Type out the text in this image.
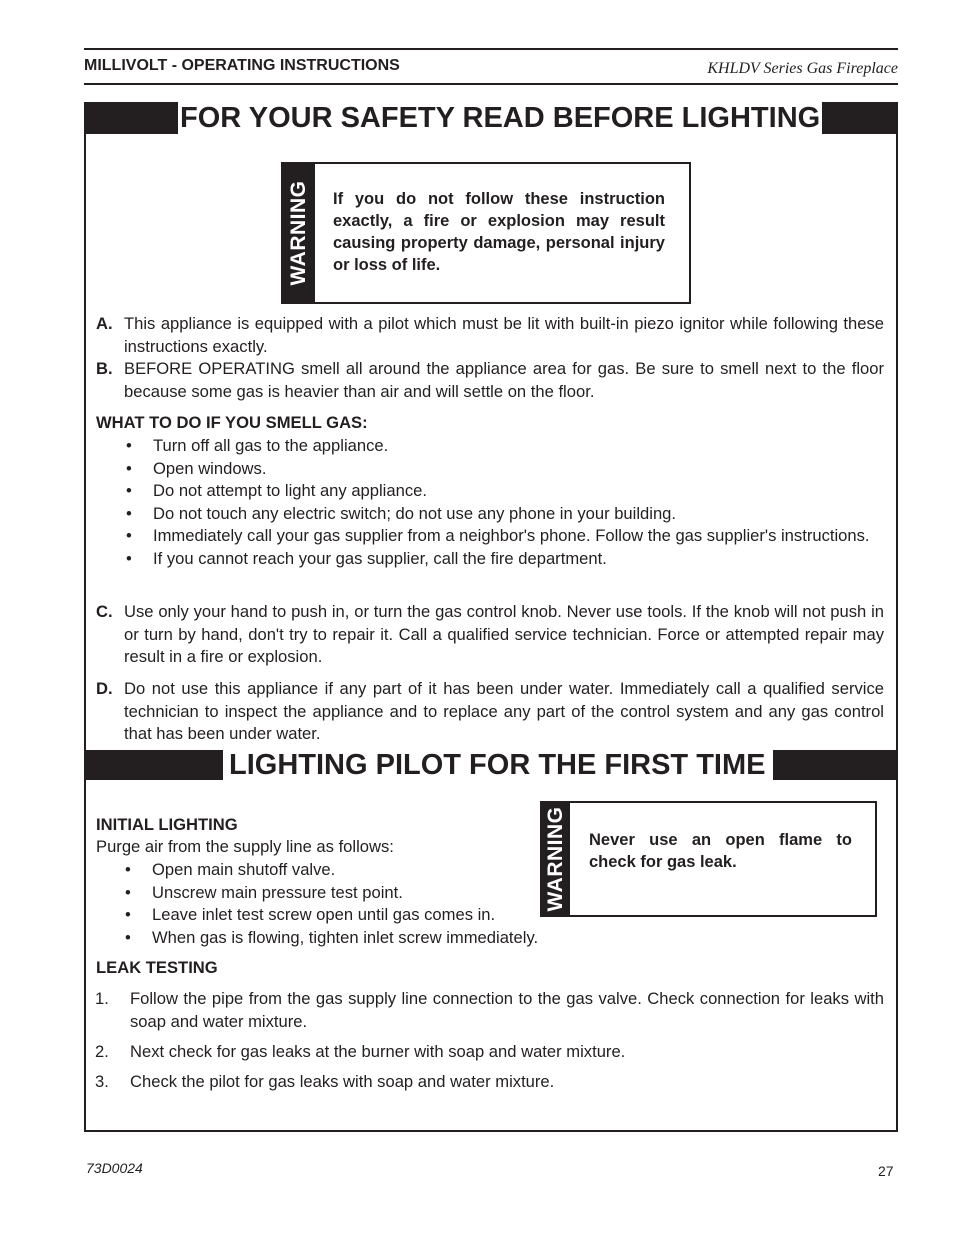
MILLIVOLT - OPERATING INSTRUCTIONS	KHLDV Series Gas Fireplace
FOR YOUR SAFETY READ BEFORE LIGHTING
WARNING If you do not follow these instruction exactly, a fire or explosion may result causing property damage, personal injury or loss of life.
A. This appliance is equipped with a pilot which must be lit with built-in piezo ignitor while following these instructions exactly.
B. BEFORE OPERATING smell all around the appliance area for gas. Be sure to smell next to the floor because some gas is heavier than air and will settle on the floor.
WHAT TO DO IF YOU SMELL GAS:
• Turn off all gas to the appliance.
• Open windows.
• Do not attempt to light any appliance.
• Do not touch any electric switch; do not use any phone in your building.
• Immediately call your gas supplier from a neighbor's phone. Follow the gas supplier's instructions.
• If you cannot reach your gas supplier, call the fire department.
C. Use only your hand to push in, or turn the gas control knob. Never use tools. If the knob will not push in or turn by hand, don't try to repair it. Call a qualified service technician. Force or attempted repair may result in a fire or explosion.
D. Do not use this appliance if any part of it has been under water. Immediately call a qualified service technician to inspect the appliance and to replace any part of the control system and any gas control that has been under water.
LIGHTING PILOT FOR THE FIRST TIME
WARNING Never use an open flame to check for gas leak.
INITIAL LIGHTING
Purge air from the supply line as follows:
• Open main shutoff valve.
• Unscrew main pressure test point.
• Leave inlet test screw open until gas comes in.
• When gas is flowing, tighten inlet screw immediately.
LEAK TESTING
1. Follow the pipe from the gas supply line connection to the gas valve. Check connection for leaks with soap and water mixture.
2. Next check for gas leaks at the burner with soap and water mixture.
3. Check the pilot for gas leaks with soap and water mixture.
73D0024	27
